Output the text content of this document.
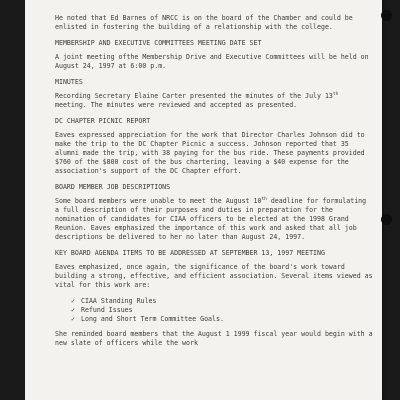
He noted that Ed Barnes of NRCC is on the board of the Chamber and could be enlisted in fostering the building of a relationship with the college.

MEMBERSHIP AND EXECUTIVE COMMITTEES MEETING DATE SET

A joint meeting ofthe Membership Drive and Executive Committees will be held on August 24, 1997 at 6:00 p.m.

MINUTES

Recording Secretary Elaine Carter presented the minutes of the July 13th meeting. The minutes were reviewed and accepted as presented.

DC CHAPTER PICNIC REPORT

Eaves expressed appreciation for the work that Director Charles Johnson did to make the trip to the DC Chapter Picnic a success. Johnson reported that 35 alumni made the trip, with 38 paying for the bus ride. These payments provided $760 of the $800 cost of the bus chartering, leaving a $40 expense for the association's support of the DC Chapter effort.

BOARD MEMBER JOB DESCRIPTIONS

Some board members were unable to meet the August 10th deadline for formulating a full description of their purposes and duties in preparation for the nomination of candidates for CIAA officers to be elected at the 1998 Grand Reunion. Eaves emphasized the importance of this work and asked that all job descriptions be delivered to her no later than August 24, 1997.

KEY BOARD AGENDA ITEMS TO BE ADDRESSED AT SEPTEMBER 13, 1997 MEETING

Eaves emphasized, once again, the significance of the board's work toward building a strong, effective, and efficient association. Several items viewed as vital for this work are:

✓ CIAA Standing Rules
✓ Refund Issues
✓ Long and Short Term Committee Goals.

She reminded board members that the August 1 1999 fiscal year would begin with a new slate of officers while the work
